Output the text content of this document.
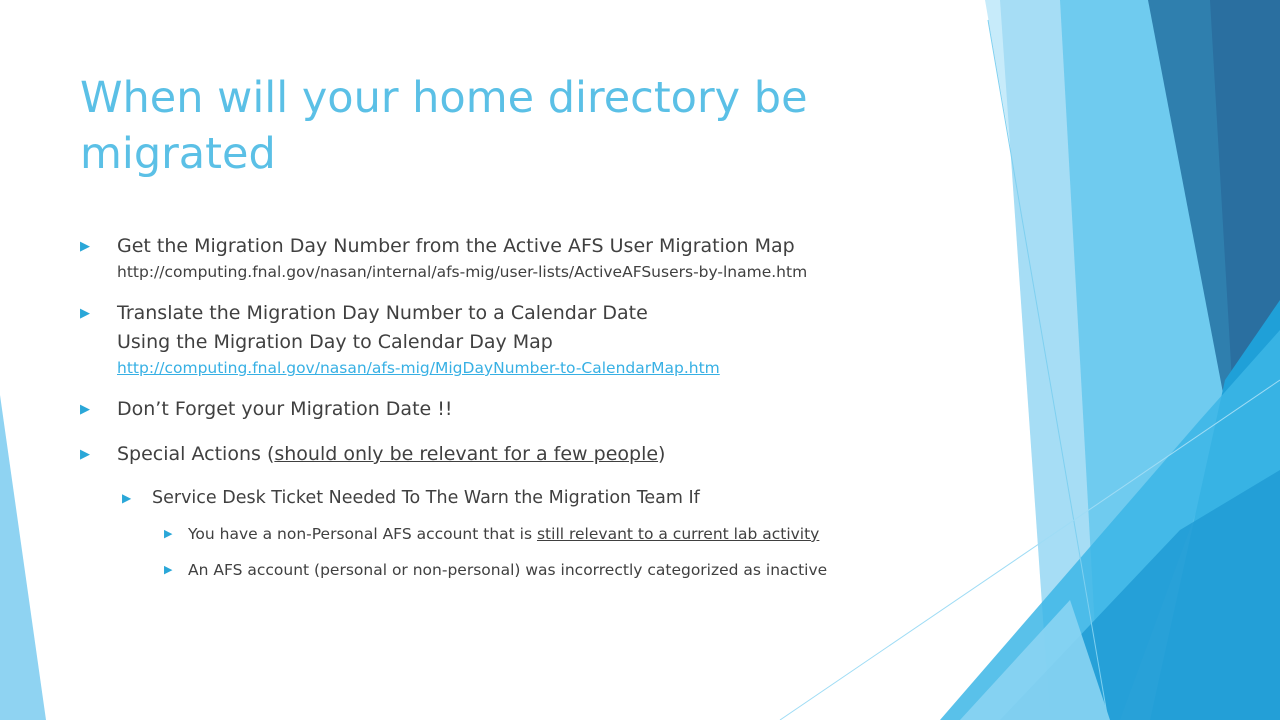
When will your home directory be migrated
▶	Get the Migration Day Number from the Active AFS User Migration Map
http://computing.fnal.gov/nasan/internal/afs-mig/user-lists/ActiveAFSusers-by-lname.htm
▶	Translate the Migration Day Number to a Calendar Date
Using the Migration Day to Calendar Day Map
http://computing.fnal.gov/nasan/afs-mig/MigDayNumber-to-CalendarMap.htm
▶	Don’t Forget your Migration Date !!
▶	Special Actions (should only be relevant for a few people)
▶	Service Desk Ticket Needed To The Warn the Migration Team If
▶	You have a non-Personal AFS account that is still relevant to a current lab activity
▶	An AFS account (personal or non-personal) was incorrectly categorized as inactive
